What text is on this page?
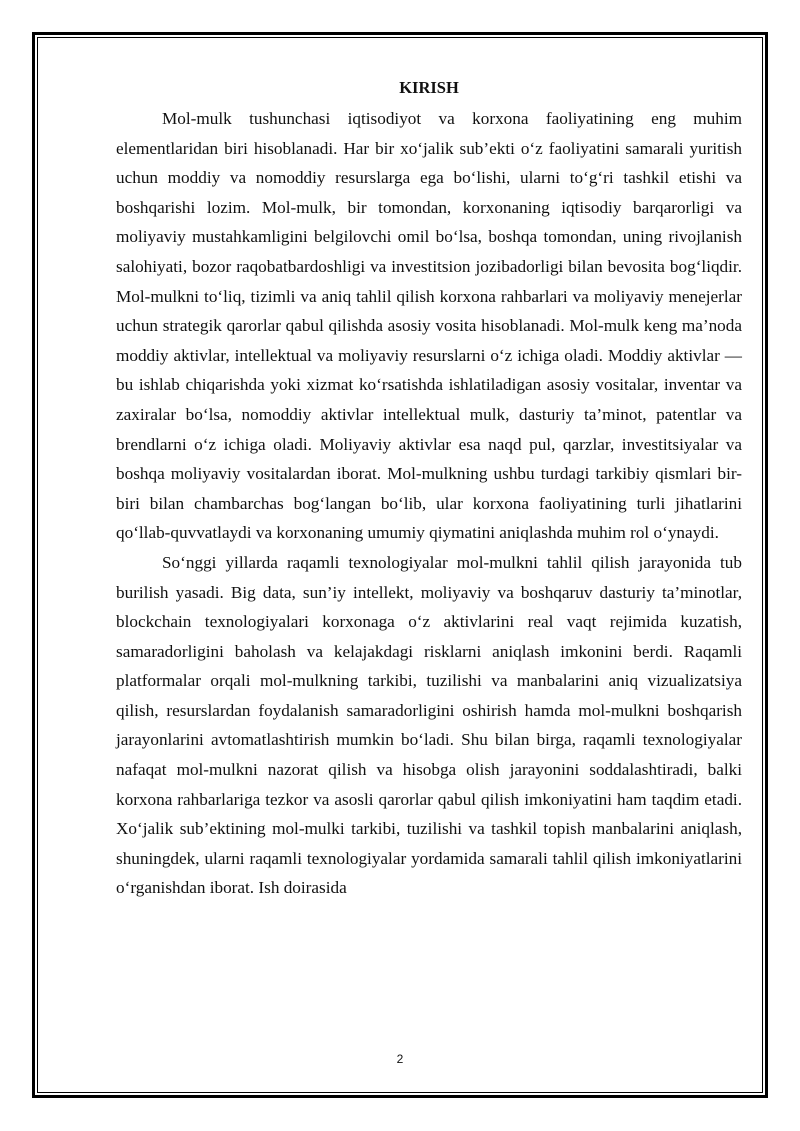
KIRISH

Mol-mulk tushunchasi iqtisodiyot va korxona faoliyatining eng muhim elementlaridan biri hisoblanadi. Har bir xo‘jalik sub’ekti o‘z faoliyatini samarali yuritish uchun moddiy va nomoddiy resurslarga ega bo‘lishi, ularni to‘g‘ri tashkil etishi va boshqarishi lozim. Mol-mulk, bir tomondan, korxonaning iqtisodiy barqarorligi va moliyaviy mustahkamligini belgilovchi omil bo‘lsa, boshqa tomondan, uning rivojlanish salohiyati, bozor raqobatbardoshligi va investitsion jozibadorligi bilan bevosita bog‘liqdir. Mol-mulkni to‘liq, tizimli va aniq tahlil qilish korxona rahbarlari va moliyaviy menejerlar uchun strategik qarorlar qabul qilishda asosiy vosita hisoblanadi. Mol-mulk keng ma’noda moddiy aktivlar, intellektual va moliyaviy resurslarni o‘z ichiga oladi. Moddiy aktivlar — bu ishlab chiqarishda yoki xizmat ko‘rsatishda ishlatiladigan asosiy vositalar, inventar va zaxiralar bo‘lsa, nomoddiy aktivlar intellektual mulk, dasturiy ta’minot, patentlar va brendlarni o‘z ichiga oladi. Moliyaviy aktivlar esa naqd pul, qarzlar, investitsiyalar va boshqa moliyaviy vositalardan iborat. Mol-mulkning ushbu turdagi tarkibiy qismlari bir-biri bilan chambarchas bog‘langan bo‘lib, ular korxona faoliyatining turli jihatlarini qo‘llab-quvvatlaydi va korxonaning umumiy qiymatini aniqlashda muhim rol o‘ynaydi.

So‘nggi yillarda raqamli texnologiyalar mol-mulkni tahlil qilish jarayonida tub burilish yasadi. Big data, sun’iy intellekt, moliyaviy va boshqaruv dasturiy ta’minotlar, blockchain texnologiyalari korxonaga o‘z aktivlarini real vaqt rejimida kuzatish, samaradorligini baholash va kelajakdagi risklarni aniqlash imkonini berdi. Raqamli platformalar orqali mol-mulkning tarkibi, tuzilishi va manbalarini aniq vizualizatsiya qilish, resurslardan foydalanish samaradorligini oshirish hamda mol-mulkni boshqarish jarayonlarini avtomatlashtirish mumkin bo‘ladi. Shu bilan birga, raqamli texnologiyalar nafaqat mol-mulkni nazorat qilish va hisobga olish jarayonini soddalashtiradi, balki korxona rahbarlariga tezkor va asosli qarorlar qabul qilish imkoniyatini ham taqdim etadi. Xo‘jalik sub’ektining mol-mulki tarkibi, tuzilishi va tashkil topish manbalarini aniqlash, shuningdek, ularni raqamli texnologiyalar yordamida samarali tahlil qilish imkoniyatlarini o‘rganishdan iborat. Ish doirasida

2
